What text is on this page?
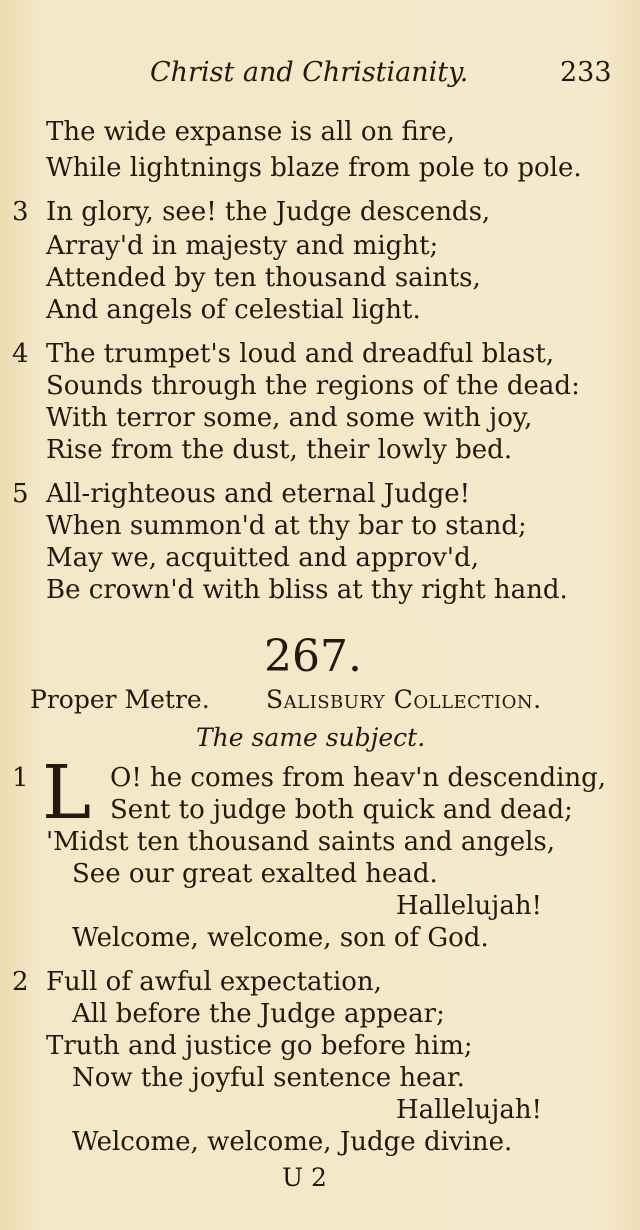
Christ and Christianity.	233
The wide expanse is all on fire,
While lightnings blaze from pole to pole.
3 In glory, see! the Judge descends,
Array'd in majesty and might;
Attended by ten thousand saints,
And angels of celestial light.
4 The trumpet's loud and dreadful blast,
Sounds through the regions of the dead:
With terror some, and some with joy,
Rise from the dust, their lowly bed.
5 All-righteous and eternal Judge!
When summon'd at thy bar to stand;
May we, acquitted and approv'd,
Be crown'd with bliss at thy right hand.
267.
Proper Metre. Salisbury Collection.
The same subject.
1 L O! he comes from heav'n descending,
Sent to judge both quick and dead;
'Midst ten thousand saints and angels,
See our great exalted head.
Hallelujah!
Welcome, welcome, son of God.
2 Full of awful expectation,
All before the Judge appear;
Truth and justice go before him;
Now the joyful sentence hear.
Hallelujah!
Welcome, welcome, Judge divine.
U 2
